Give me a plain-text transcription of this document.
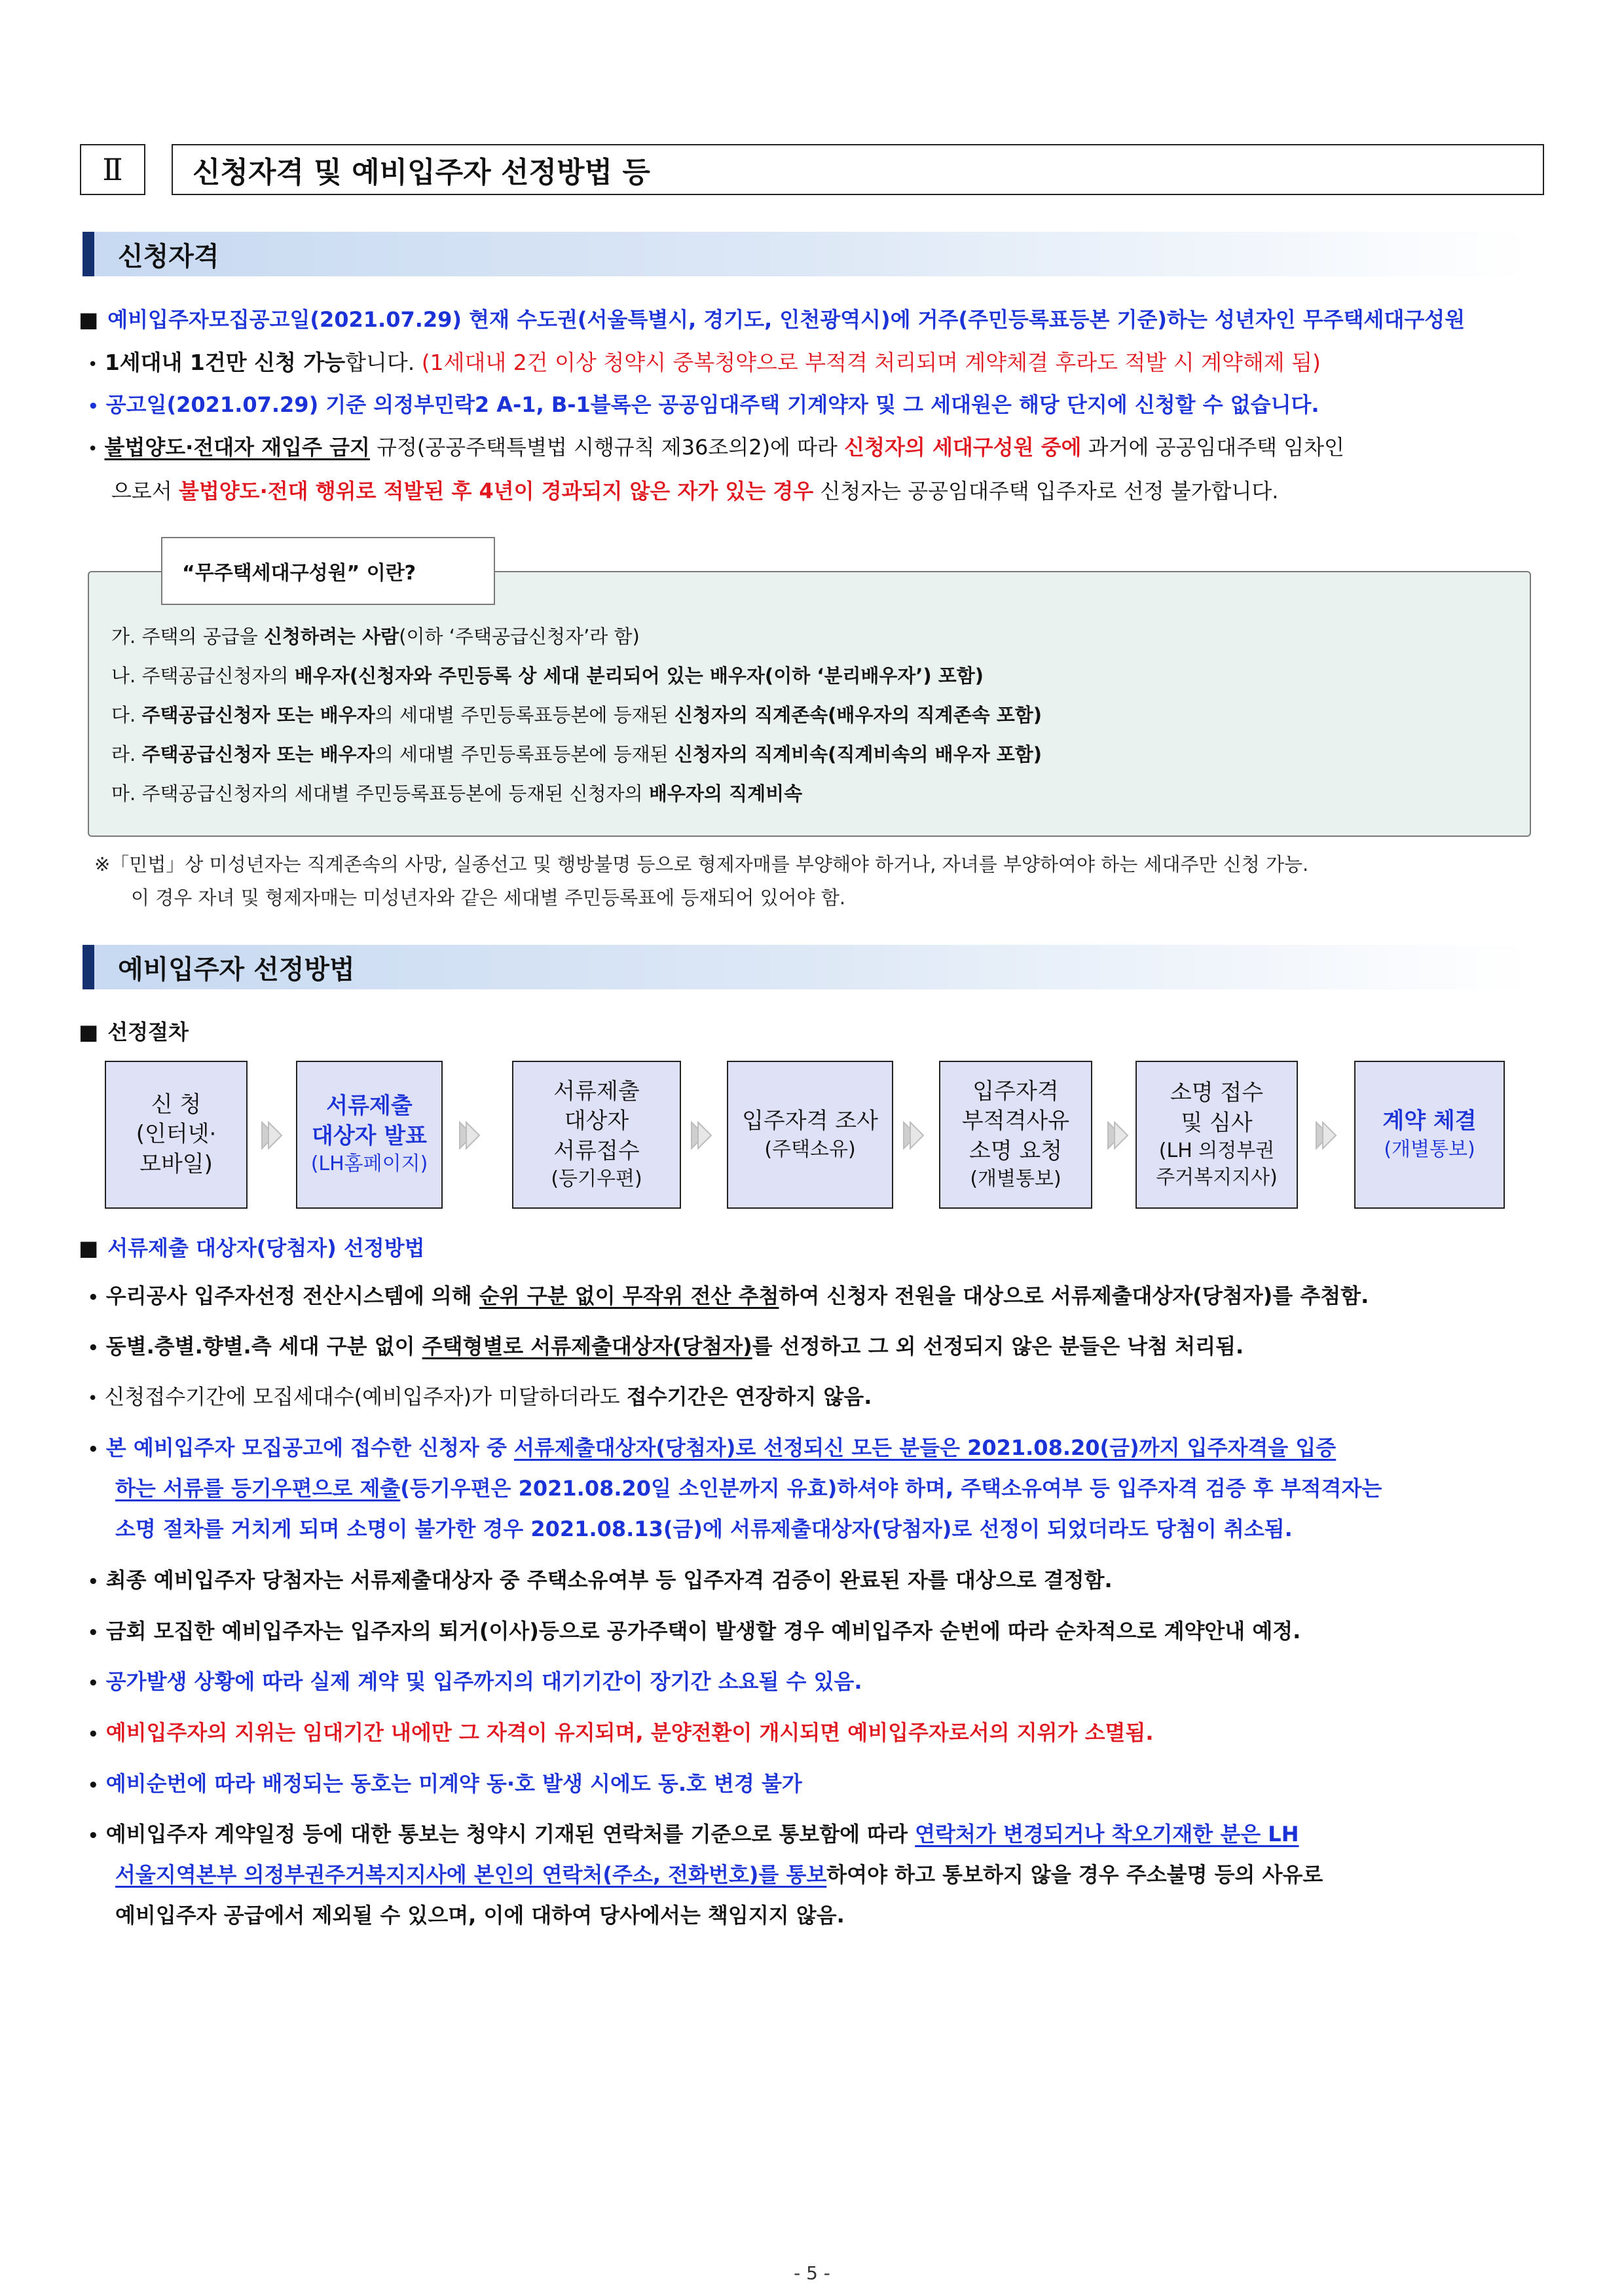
Ⅱ	신청자격 및 예비입주자 선정방법 등
신청자격
■ 예비입주자모집공고일(2021.07.29) 현재 수도권(서울특별시, 경기도, 인천광역시)에 거주(주민등록표등본 기준)하는 성년자인 무주택세대구성원
• 1세대내 1건만 신청 가능합니다. (1세대내 2건 이상 청약시 중복청약으로 부적격 처리되며 계약체결 후라도 적발 시 계약해제 됨)
• 공고일(2021.07.29) 기준 의정부민락2 A-1, B-1블록은 공공임대주택 기계약자 및 그 세대원은 해당 단지에 신청할 수 없습니다.
• 불법양도·전대자 재입주 금지 규정(공공주택특별법 시행규칙 제36조의2)에 따라 신청자의 세대구성원 중에 과거에 공공임대주택 임차인
으로서 불법양도·전대 행위로 적발된 후 4년이 경과되지 않은 자가 있는 경우 신청자는 공공임대주택 입주자로 선정 불가합니다.
“무주택세대구성원” 이란?
가. 주택의 공급을 신청하려는 사람(이하 ‘주택공급신청자’라 함)
나. 주택공급신청자의 배우자(신청자와 주민등록 상 세대 분리되어 있는 배우자(이하 ‘분리배우자’) 포함)
다. 주택공급신청자 또는 배우자의 세대별 주민등록표등본에 등재된 신청자의 직계존속(배우자의 직계존속 포함)
라. 주택공급신청자 또는 배우자의 세대별 주민등록표등본에 등재된 신청자의 직계비속(직계비속의 배우자 포함)
마. 주택공급신청자의 세대별 주민등록표등본에 등재된 신청자의 배우자의 직계비속
※「민법」상 미성년자는 직계존속의 사망, 실종선고 및 행방불명 등으로 형제자매를 부양해야 하거나, 자녀를 부양하여야 하는 세대주만 신청 가능.
이 경우 자녀 및 형제자매는 미성년자와 같은 세대별 주민등록표에 등재되어 있어야 함.
예비입주자 선정방법
■ 선정절차
신 청
(인터넷·
모바일)
서류제출
대상자 발표
(LH홈페이지)
서류제출
대상자
서류접수
(등기우편)
입주자격 조사
(주택소유)
입주자격
부적격사유
소명 요청
(개별통보)
소명 접수
및 심사
(LH 의정부권
주거복지지사)
계약 체결
(개별통보)
■ 서류제출 대상자(당첨자) 선정방법
• 우리공사 입주자선정 전산시스템에 의해 순위 구분 없이 무작위 전산 추첨하여 신청자 전원을 대상으로 서류제출대상자(당첨자)를 추첨함.
• 동별.층별.향별.측 세대 구분 없이 주택형별로 서류제출대상자(당첨자)를 선정하고 그 외 선정되지 않은 분들은 낙첨 처리됨.
• 신청접수기간에 모집세대수(예비입주자)가 미달하더라도 접수기간은 연장하지 않음.
• 본 예비입주자 모집공고에 접수한 신청자 중 서류제출대상자(당첨자)로 선정되신 모든 분들은 2021.08.20(금)까지 입주자격을 입증
하는 서류를 등기우편으로 제출(등기우편은 2021.08.20일 소인분까지 유효)하셔야 하며, 주택소유여부 등 입주자격 검증 후 부적격자는
소명 절차를 거치게 되며 소명이 불가한 경우 2021.08.13(금)에 서류제출대상자(당첨자)로 선정이 되었더라도 당첨이 취소됨.
• 최종 예비입주자 당첨자는 서류제출대상자 중 주택소유여부 등 입주자격 검증이 완료된 자를 대상으로 결정함.
• 금회 모집한 예비입주자는 입주자의 퇴거(이사)등으로 공가주택이 발생할 경우 예비입주자 순번에 따라 순차적으로 계약안내 예정.
• 공가발생 상황에 따라 실제 계약 및 입주까지의 대기기간이 장기간 소요될 수 있음.
• 예비입주자의 지위는 임대기간 내에만 그 자격이 유지되며, 분양전환이 개시되면 예비입주자로서의 지위가 소멸됨.
• 예비순번에 따라 배정되는 동호는 미계약 동·호 발생 시에도 동.호 변경 불가
• 예비입주자 계약일정 등에 대한 통보는 청약시 기재된 연락처를 기준으로 통보함에 따라 연락처가 변경되거나 착오기재한 분은 LH
서울지역본부 의정부권주거복지지사에 본인의 연락처(주소, 전화번호)를 통보하여야 하고 통보하지 않을 경우 주소불명 등의 사유로
예비입주자 공급에서 제외될 수 있으며, 이에 대하여 당사에서는 책임지지 않음.
- 5 -
